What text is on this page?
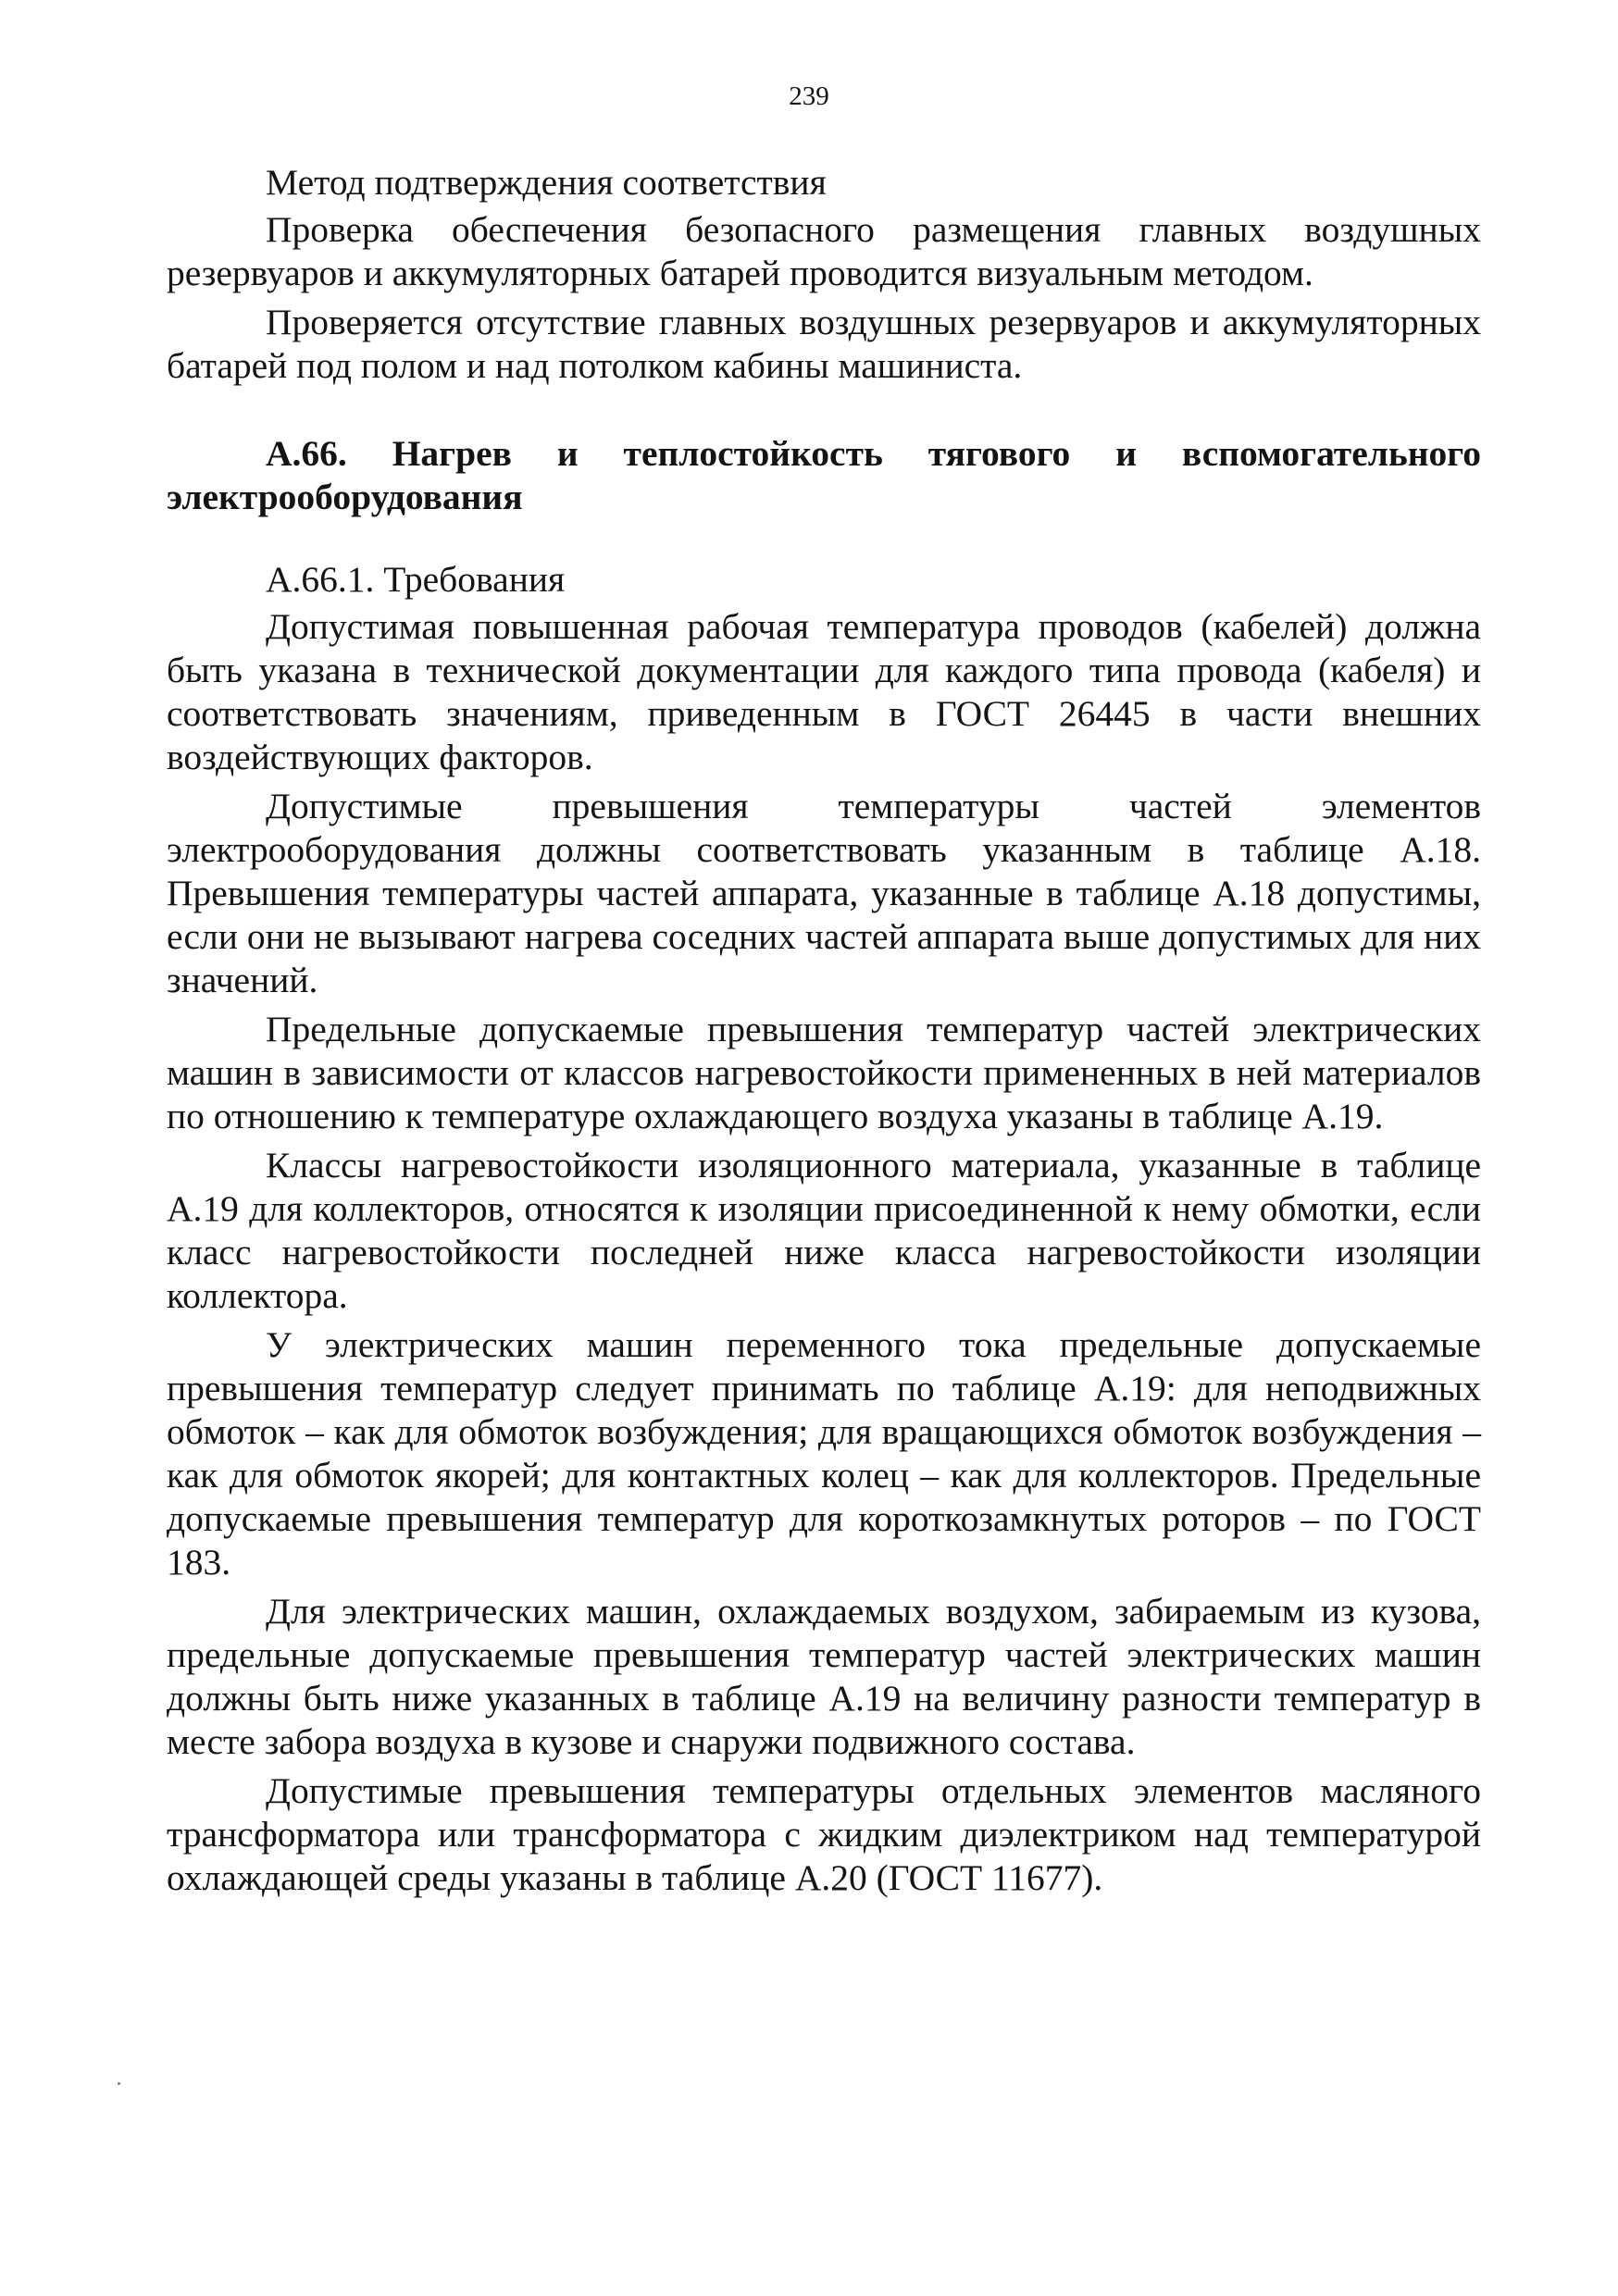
239

Метод подтверждения соответствия

Проверка обеспечения безопасного размещения главных воздушных резервуаров и аккумуляторных батарей проводится визуальным методом.

Проверяется отсутствие главных воздушных резервуаров и аккумуляторных батарей под полом и над потолком кабины машиниста.

А.66. Нагрев и теплостойкость тягового и вспомогательного электрооборудования

А.66.1. Требования

Допустимая повышенная рабочая температура проводов (кабелей) должна быть указана в технической документации для каждого типа провода (кабеля) и соответствовать значениям, приведенным в ГОСТ 26445 в части внешних воздействующих факторов.

Допустимые превышения температуры частей элементов электрооборудования должны соответствовать указанным в таблице А.18. Превышения температуры частей аппарата, указанные в таблице А.18 допустимы, если они не вызывают нагрева соседних частей аппарата выше допустимых для них значений.

Предельные допускаемые превышения температур частей электрических машин в зависимости от классов нагревостойкости примененных в ней материалов по отношению к температуре охлаждающего воздуха указаны в таблице А.19.

Классы нагревостойкости изоляционного материала, указанные в таблице А.19 для коллекторов, относятся к изоляции присоединенной к нему обмотки, если класс нагревостойкости последней ниже класса нагревостойкости изоляции коллектора.

У электрических машин переменного тока предельные допускаемые превышения температур следует принимать по таблице А.19: для неподвижных обмоток – как для обмоток возбуждения; для вращающихся обмоток возбуждения – как для обмоток якорей; для контактных колец – как для коллекторов. Предельные допускаемые превышения температур для короткозамкнутых роторов – по ГОСТ 183.

Для электрических машин, охлаждаемых воздухом, забираемым из кузова, предельные допускаемые превышения температур частей электрических машин должны быть ниже указанных в таблице А.19 на величину разности температур в месте забора воздуха в кузове и снаружи подвижного состава.

Допустимые превышения температуры отдельных элементов масляного трансформатора или трансформатора с жидким диэлектриком над температурой охлаждающей среды указаны в таблице А.20 (ГОСТ 11677).
